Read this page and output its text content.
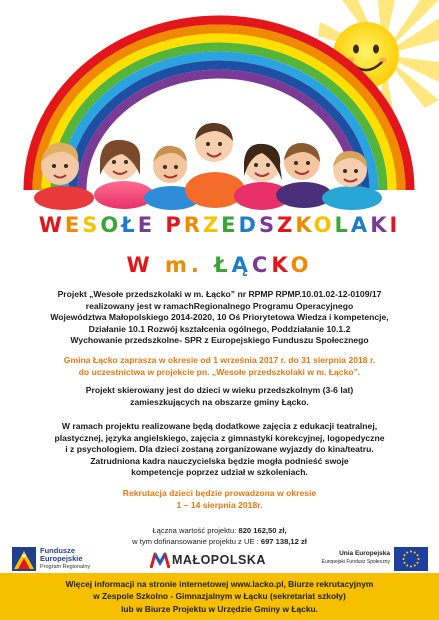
WESOŁE PRZEDSZKOLAKI
W m. ŁĄCKO
Projekt „Wesołe przedszkolaki w m. Łącko” nr RPMP RPMP.10.01.02-12-0109/17
realizowany jest w ramachRegionalnego Programu Operacyjnego
Województwa Małopolskiego 2014-2020, 10 Oś Priorytetowa Wiedza i kompetencje,
Działanie 10.1 Rozwój kształcenia ogólnego, Poddziałanie 10.1.2
Wychowanie przedszkolne- SPR z Europejskiego Funduszu Społecznego
Gmina Łącko zaprasza w okresie od 1 września 2017 r. do 31 sierpnia 2018 r.
do uczestnictwa w projekcie pn. „Wesołe przedszkolaki w m. Łącko”.
Projekt skierowany jest do dzieci w wieku przedszkolnym (3-6 lat)
zamieszkujących na obszarze gminy Łącko.
W ramach projektu realizowane będą dodatkowe zajęcia z edukacji teatralnej,
plastycznej, języka angielskiego, zajęcia z gimnastyki korekcyjnej, logopedyczne
i z psychologiem. Dla dzieci zostaną zorganizowane wyjazdy do kina/teatru.
Zatrudniona kadra nauczycielska będzie mogła podnieść swoje
kompetencje poprzez udział w szkoleniach.
Rekrutacja dzieci będzie prowadzona w okresie
1 – 14 sierpnia 2018r.
Łączna wartość projektu: 820 162,50 zł,
w tym dofinansowanie projektu z UE : 697 138,12 zł
Fundusze
Europejskie
Program Regionalny	MAŁOPOLSKA	Unia Europejska
Europejski Fundusz Społeczny
Więcej informacji na stronie internetowej www.lacko.pl, Biurze rekrutacyjnym
w Zespole Szkolno - Gimnazjalnym w Łącku (sekretariat szkoły)
lub w Biurze Projektu w Urzędzie Gminy w Łącku.
